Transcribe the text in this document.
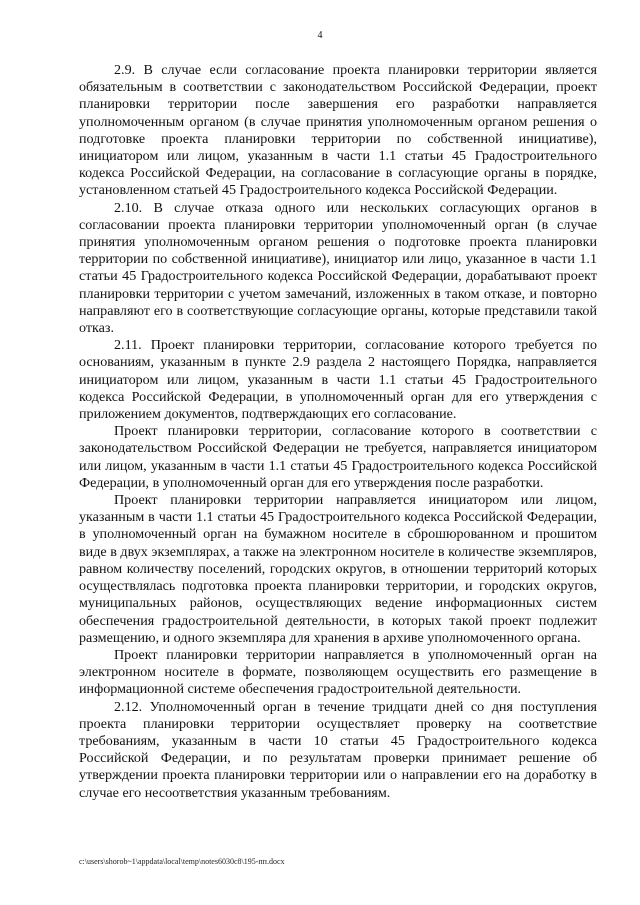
4

2.9. В случае если согласование проекта планировки территории является обязательным в соответствии с законодательством Российской Федерации, проект планировки территории после завершения его разработки направляется уполномоченным органом (в случае принятия уполномоченным органом решения о подготовке проекта планировки территории по собственной инициативе), инициатором или лицом, указанным в части 1.1 статьи 45 Градостроительного кодекса Российской Федерации, на согласование в согласующие органы в порядке, установленном статьей 45 Градостроительного кодекса Российской Федерации.

2.10. В случае отказа одного или нескольких согласующих органов в согласовании проекта планировки территории уполномоченный орган (в случае принятия уполномоченным органом решения о подготовке проекта планировки территории по собственной инициативе), инициатор или лицо, указанное в части 1.1 статьи 45 Градостроительного кодекса Российской Федерации, дорабатывают проект планировки территории с учетом замечаний, изложенных в таком отказе, и повторно направляют его в соответствующие согласующие органы, которые представили такой отказ.

2.11. Проект планировки территории, согласование которого требуется по основаниям, указанным в пункте 2.9 раздела 2 настоящего Порядка, направляется инициатором или лицом, указанным в части 1.1 статьи 45 Градостроительного кодекса Российской Федерации, в уполномоченный орган для его утверждения с приложением документов, подтверждающих его согласование.

Проект планировки территории, согласование которого в соответствии с законодательством Российской Федерации не требуется, направляется инициатором или лицом, указанным в части 1.1 статьи 45 Градостроительного кодекса Российской Федерации, в уполномоченный орган для его утверждения после разработки.

Проект планировки территории направляется инициатором или лицом, указанным в части 1.1 статьи 45 Градостроительного кодекса Российской Федерации, в уполномоченный орган на бумажном носителе в сброшюрованном и прошитом виде в двух экземплярах, а также на электронном носителе в количестве экземпляров, равном количеству поселений, городских округов, в отношении территорий которых осуществлялась подготовка проекта планировки территории, и городских округов, муниципальных районов, осуществляющих ведение информационных систем обеспечения градостроительной деятельности, в которых такой проект подлежит размещению, и одного экземпляра для хранения в архиве уполномоченного органа.

Проект планировки территории направляется в уполномоченный орган на электронном носителе в формате, позволяющем осуществить его размещение в информационной системе обеспечения градостроительной деятельности.

2.12. Уполномоченный орган в течение тридцати дней со дня поступления проекта планировки территории осуществляет проверку на соответствие требованиям, указанным в части 10 статьи 45 Градостроительного кодекса Российской Федерации, и по результатам проверки принимает решение об утверждении проекта планировки территории или о направлении его на доработку в случае его несоответствия указанным требованиям.

c:\users\shorob~1\appdata\local\temp\notes6030c8\195-пп.docx
